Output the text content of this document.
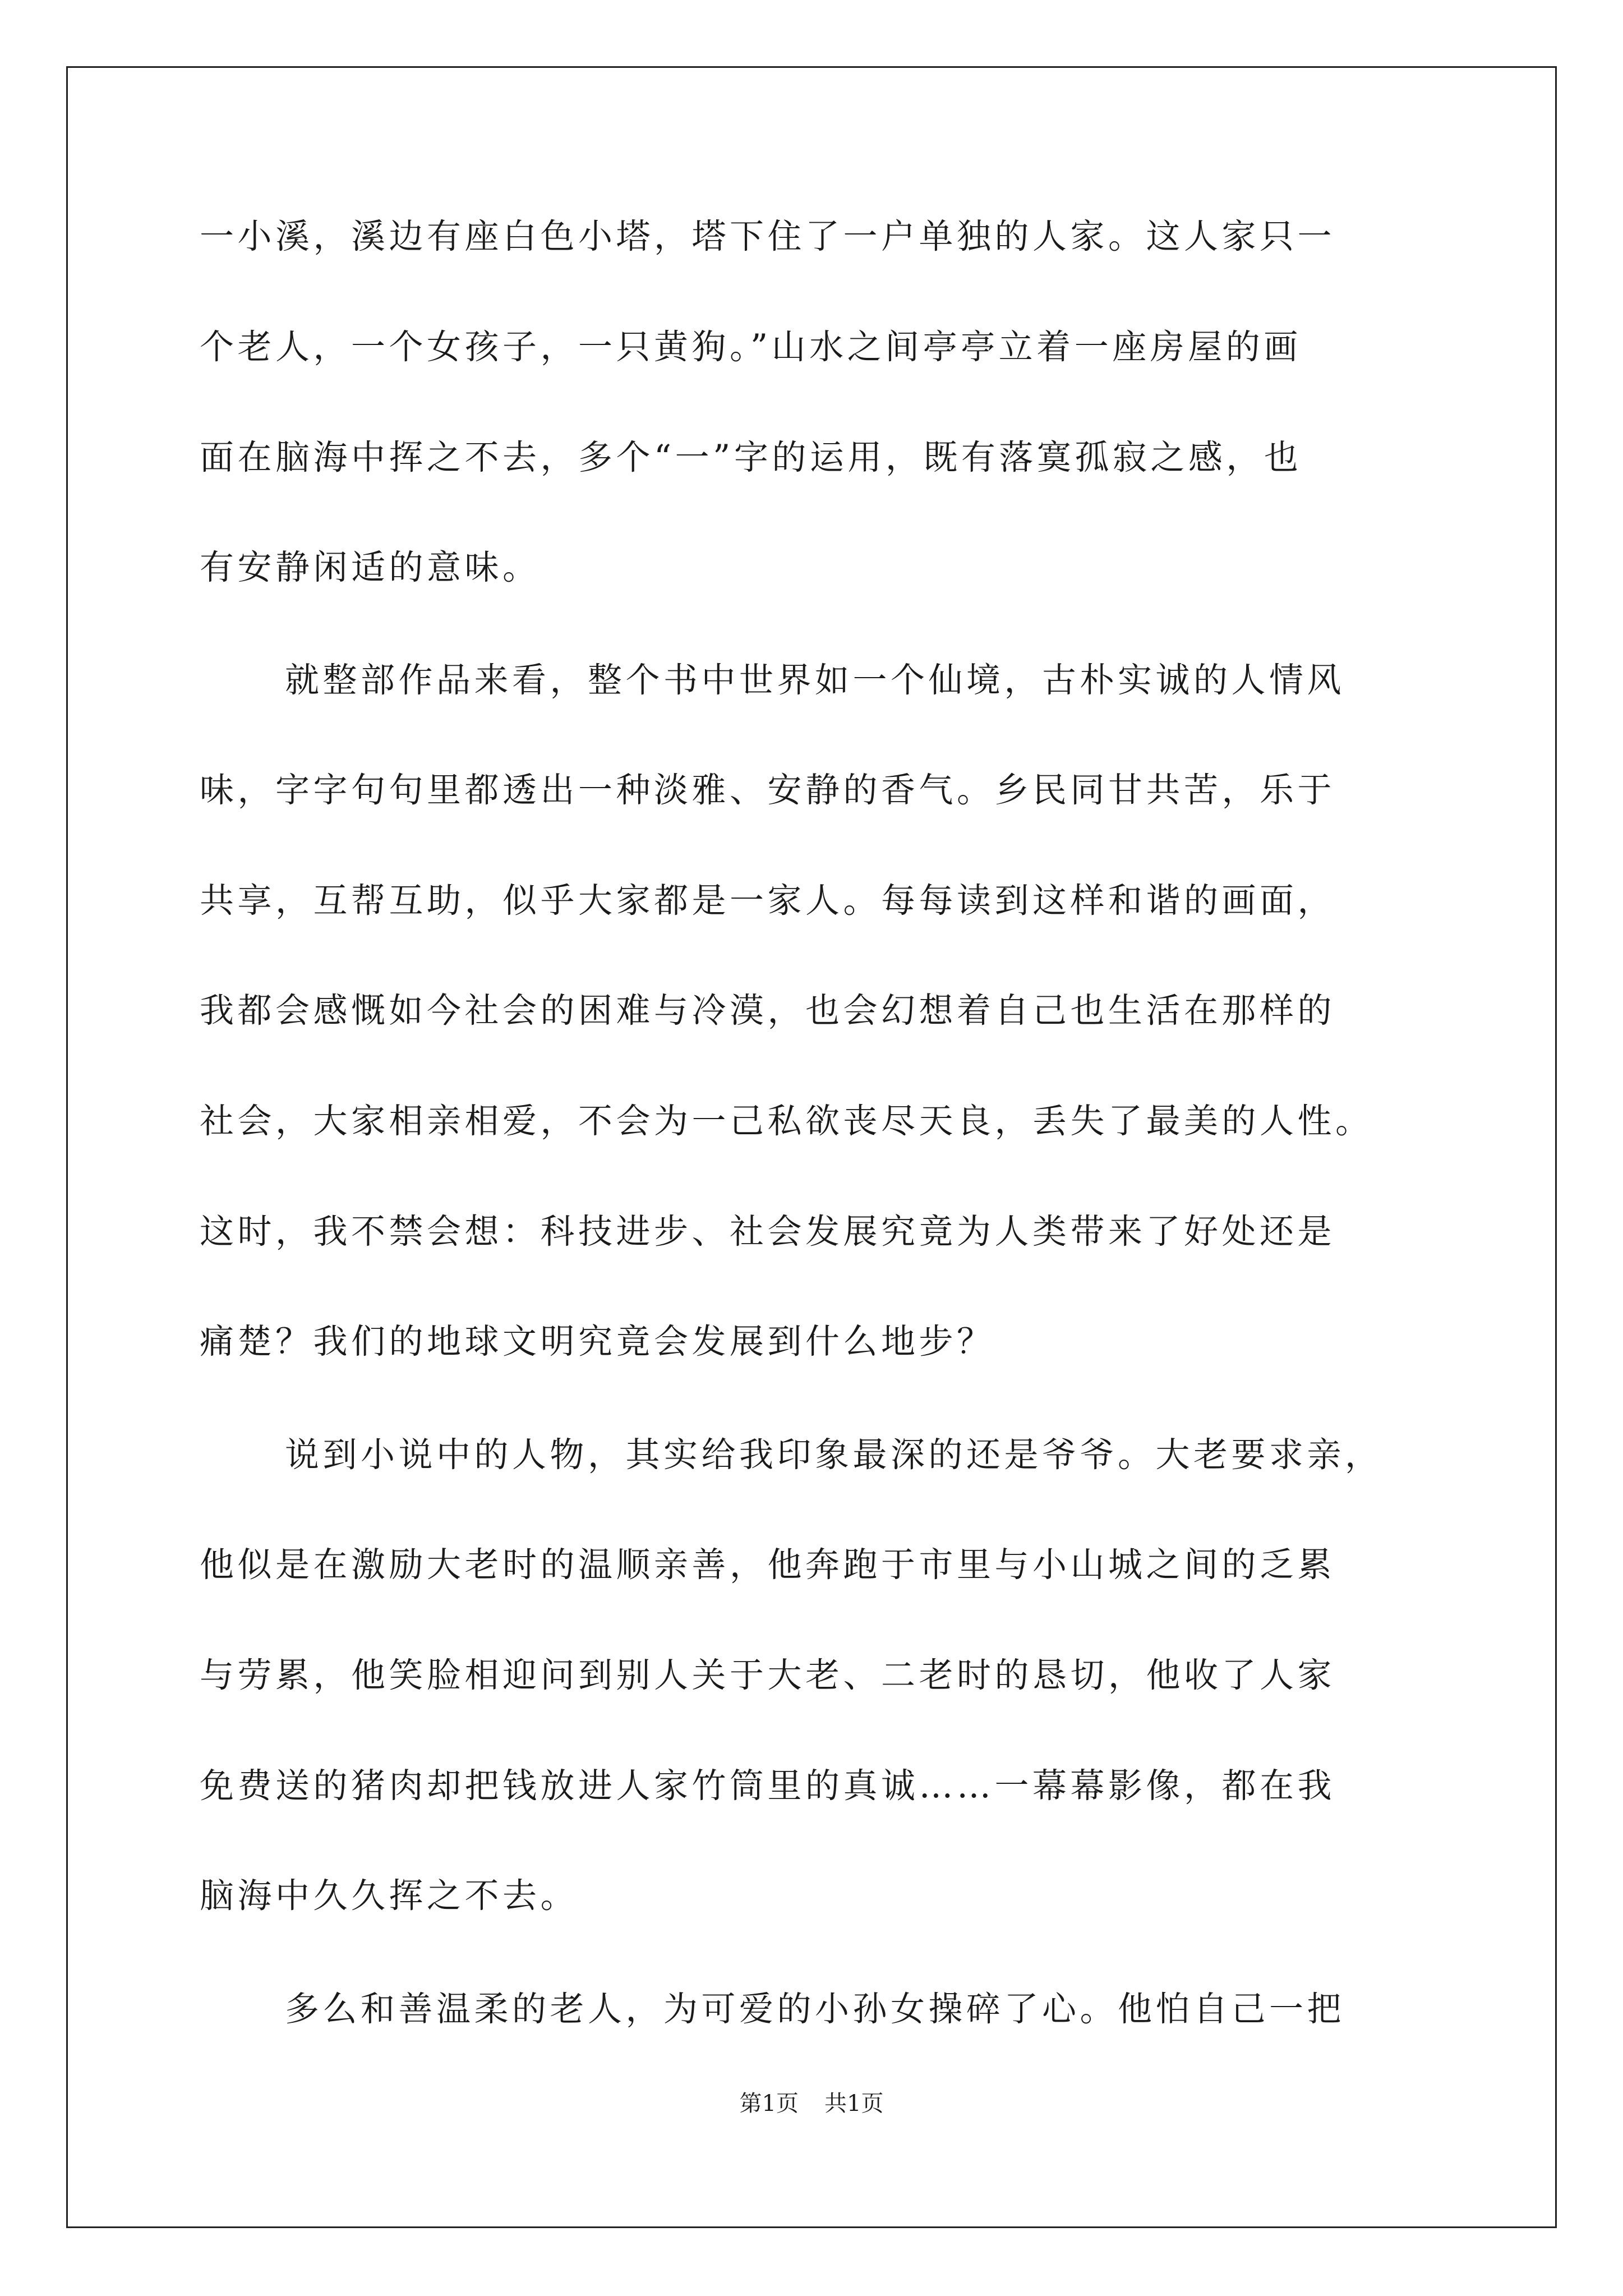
一小溪，溪边有座白色小塔，塔下住了一户单独的人家。这人家只一

个老人，一个女孩子，一只黄狗。”山水之间亭亭立着一座房屋的画

面在脑海中挥之不去，多个“一”字的运用，既有落寞孤寂之感，也

有安静闲适的意味。

就整部作品来看，整个书中世界如一个仙境，古朴实诚的人情风

味，字字句句里都透出一种淡雅、安静的香气。乡民同甘共苦，乐于

共享，互帮互助，似乎大家都是一家人。每每读到这样和谐的画面，

我都会感慨如今社会的困难与冷漠，也会幻想着自己也生活在那样的

社会，大家相亲相爱，不会为一己私欲丧尽天良，丢失了最美的人性。

这时，我不禁会想：科技进步、社会发展究竟为人类带来了好处还是

痛楚？我们的地球文明究竟会发展到什么地步？

说到小说中的人物，其实给我印象最深的还是爷爷。大老要求亲，

他似是在激励大老时的温顺亲善，他奔跑于市里与小山城之间的乏累

与劳累，他笑脸相迎问到别人关于大老、二老时的恳切，他收了人家

免费送的猪肉却把钱放进人家竹筒里的真诚……一幕幕影像，都在我

脑海中久久挥之不去。

多么和善温柔的老人，为可爱的小孙女操碎了心。他怕自己一把

第1页 共1页
